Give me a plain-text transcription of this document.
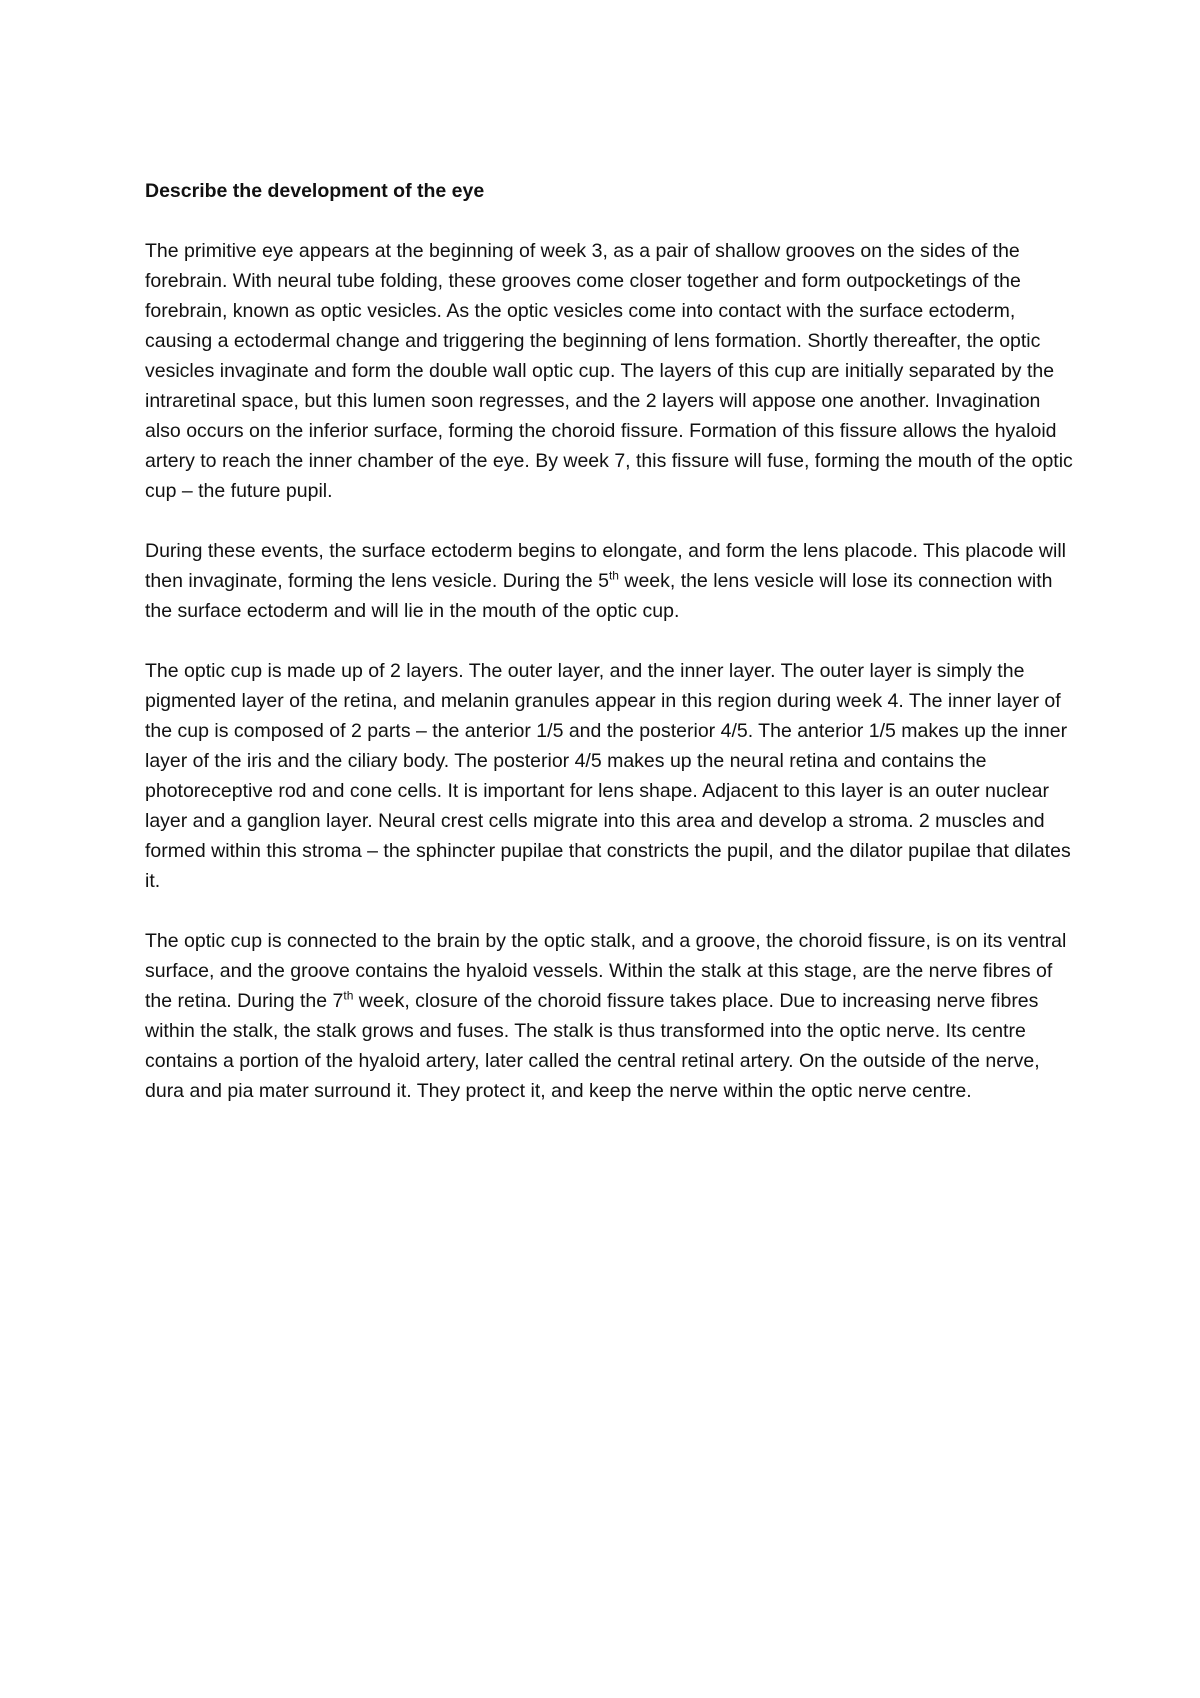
Describe the development of the eye
The primitive eye appears at the beginning of week 3, as a pair of shallow grooves on the sides of the forebrain. With neural tube folding, these grooves come closer together and form outpocketings of the forebrain, known as optic vesicles. As the optic vesicles come into contact with the surface ectoderm, causing a ectodermal change and triggering the beginning of lens formation. Shortly thereafter, the optic vesicles invaginate and form the double wall optic cup. The layers of this cup are initially separated by the intraretinal space, but this lumen soon regresses, and the 2 layers will appose one another. Invagination also occurs on the inferior surface, forming the choroid fissure. Formation of this fissure allows the hyaloid artery to reach the inner chamber of the eye. By week 7, this fissure will fuse, forming the mouth of the optic cup – the future pupil.
During these events, the surface ectoderm begins to elongate, and form the lens placode. This placode will then invaginate, forming the lens vesicle. During the 5th week, the lens vesicle will lose its connection with the surface ectoderm and will lie in the mouth of the optic cup.
The optic cup is made up of 2 layers. The outer layer, and the inner layer. The outer layer is simply the pigmented layer of the retina, and melanin granules appear in this region during week 4. The inner layer of the cup is composed of 2 parts – the anterior 1/5 and the posterior 4/5. The anterior 1/5 makes up the inner layer of the iris and the ciliary body. The posterior 4/5 makes up the neural retina and contains the photoreceptive rod and cone cells. It is important for lens shape. Adjacent to this layer is an outer nuclear layer and a ganglion layer. Neural crest cells migrate into this area and develop a stroma. 2 muscles and formed within this stroma – the sphincter pupilae that constricts the pupil, and the dilator pupilae that dilates it.
The optic cup is connected to the brain by the optic stalk, and a groove, the choroid fissure, is on its ventral surface, and the groove contains the hyaloid vessels. Within the stalk at this stage, are the nerve fibres of the retina. During the 7th week, closure of the choroid fissure takes place. Due to increasing nerve fibres within the stalk, the stalk grows and fuses. The stalk is thus transformed into the optic nerve. Its centre contains a portion of the hyaloid artery, later called the central retinal artery. On the outside of the nerve, dura and pia mater surround it. They protect it, and keep the nerve within the optic nerve centre.
